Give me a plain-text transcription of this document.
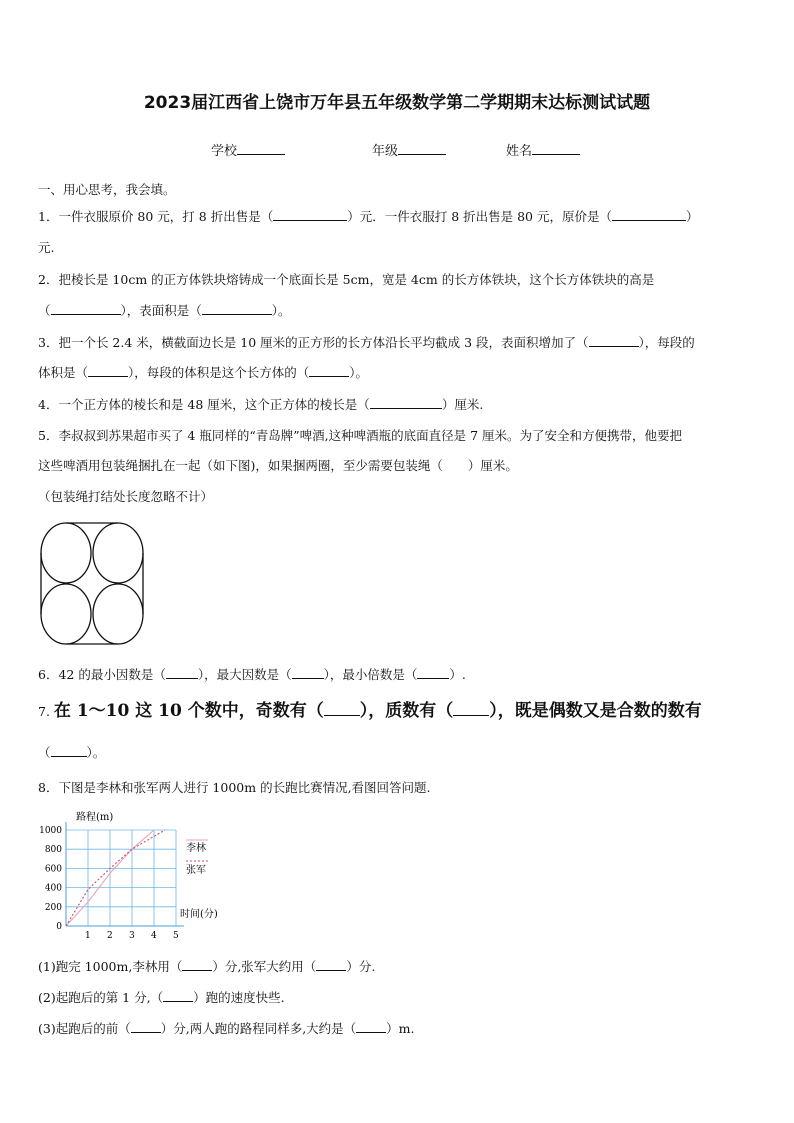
2023届江西省上饶市万年县五年级数学第二学期期末达标测试试题
学校	年级	姓名
一、用心思考，我会填。
1．一件衣服原价 80 元，打 8 折出售是（	）元．一件衣服打 8 折出售是 80 元，原价是（	）
元.
2．把棱长是 10cm 的正方体铁块熔铸成一个底面长是 5cm，宽是 4cm 的长方体铁块，这个长方体铁块的高是
（	），表面积是（	）。
3．把一个长 2.4 米，横截面边长是 10 厘米的正方形的长方体沿长平均截成 3 段，表面积增加了（	），每段的
体积是（	），每段的体积是这个长方体的（	）。
4．一个正方体的棱长和是 48 厘米，这个正方体的棱长是（	）厘米.
5．李叔叔到苏果超市买了 4 瓶同样的“青岛牌”啤酒,这种啤酒瓶的底面直径是 7 厘米。为了安全和方便携带，他要把
这些啤酒用包装绳捆扎在一起（如下图)，如果捆两圈，至少需要包装绳（　　）厘米。
（包装绳打结处长度忽略不计）
6．42 的最小因数是（	），最大因数是（	），最小倍数是（	）.
7. 在 1～10 这 10 个数中，奇数有（ ），质数有（ ），既是偶数又是合数的数有
（	）。
8．下图是李林和张军两人进行 1000m 的长跑比赛情况,看图回答问题.
1 2 3 4 5
0
200
400
600
800
1000
路程(m)
时间(分)
李林
张军
(1)跑完 1000m,李林用（ ）分,张军大约用（ ）分.
(2)起跑后的第 1 分,（ ）跑的速度快些.
(3)起跑后的前（ ）分,两人跑的路程同样多,大约是（ ）m.
